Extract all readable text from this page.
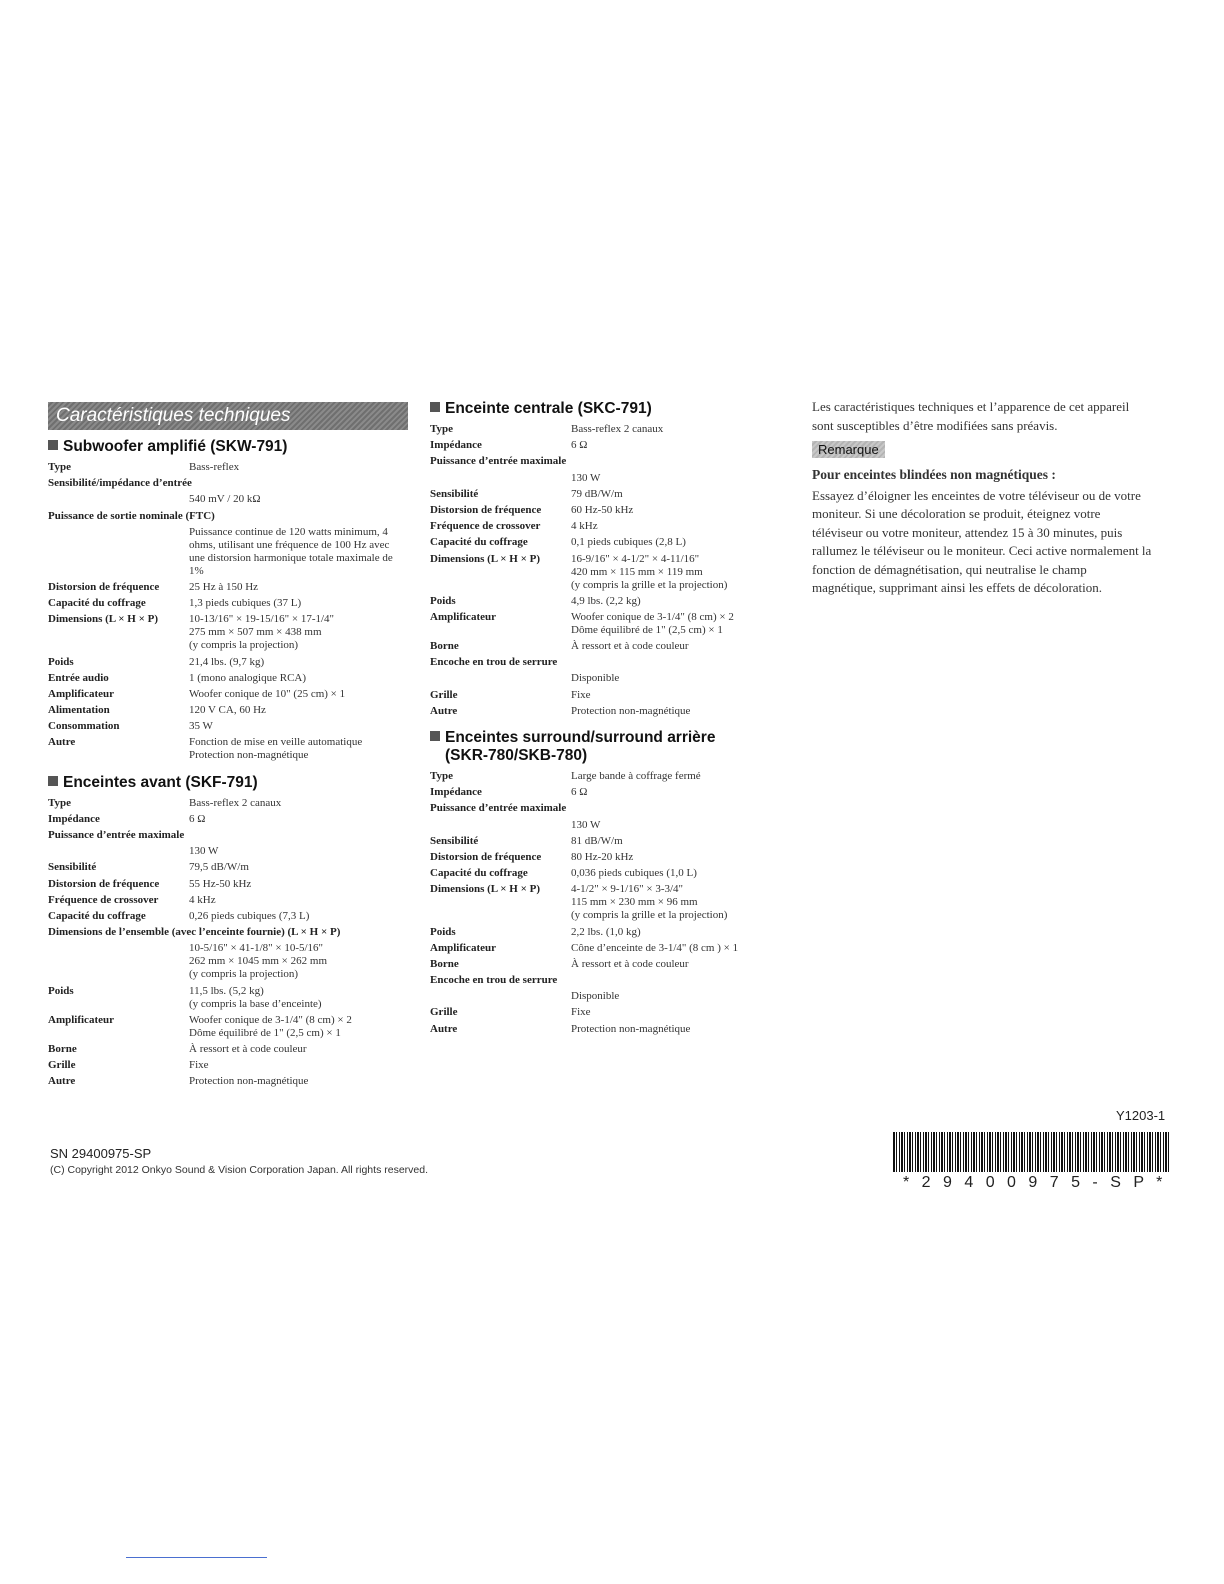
Caractéristiques techniques
Subwoofer amplifié (SKW-791)
Type	Bass-reflex
Sensibilité/impédance d’entrée
540 mV / 20 kΩ
Puissance de sortie nominale (FTC)
Puissance continue de 120 watts minimum, 4 ohms, utilisant une fréquence de 100 Hz avec une distorsion harmonique totale maximale de 1%
Distorsion de fréquence	25 Hz à 150 Hz
Capacité du coffrage	1,3 pieds cubiques (37 L)
Dimensions (L × H × P)	10-13/16" × 19-15/16" × 17-1/4"
275 mm × 507 mm × 438 mm
(y compris la projection)
Poids	21,4 lbs. (9,7 kg)
Entrée audio	1 (mono analogique RCA)
Amplificateur	Woofer conique de 10" (25 cm) × 1
Alimentation	120 V CA, 60 Hz
Consommation	35 W
Autre	Fonction de mise en veille automatique
Protection non-magnétique
Enceintes avant (SKF-791)
Type	Bass-reflex 2 canaux
Impédance	6 Ω
Puissance d’entrée maximale
130 W
Sensibilité	79,5 dB/W/m
Distorsion de fréquence	55 Hz-50 kHz
Fréquence de crossover	4 kHz
Capacité du coffrage	0,26 pieds cubiques (7,3 L)
Dimensions de l’ensemble (avec l’enceinte fournie) (L × H × P)
10-5/16" × 41-1/8" × 10-5/16"
262 mm × 1045 mm × 262 mm
(y compris la projection)
Poids	11,5 lbs. (5,2 kg)
(y compris la base d’enceinte)
Amplificateur	Woofer conique de 3-1/4" (8 cm) × 2
Dôme équilibré de 1" (2,5 cm) × 1
Borne	À ressort et à code couleur
Grille	Fixe
Autre	Protection non-magnétique
Enceinte centrale (SKC-791)
Type	Bass-reflex 2 canaux
Impédance	6 Ω
Puissance d’entrée maximale
130 W
Sensibilité	79 dB/W/m
Distorsion de fréquence	60 Hz-50 kHz
Fréquence de crossover	4 kHz
Capacité du coffrage	0,1 pieds cubiques (2,8 L)
Dimensions (L × H × P)	16-9/16" × 4-1/2" × 4-11/16"
420 mm × 115 mm × 119 mm
(y compris la grille et la projection)
Poids	4,9 lbs. (2,2 kg)
Amplificateur	Woofer conique de 3-1/4" (8 cm) × 2
Dôme équilibré de 1" (2,5 cm) × 1
Borne	À ressort et à code couleur
Encoche en trou de serrure
Disponible
Grille	Fixe
Autre	Protection non-magnétique
Enceintes surround/surround arrière
(SKR-780/SKB-780)
Type	Large bande à coffrage fermé
Impédance	6 Ω
Puissance d’entrée maximale
130 W
Sensibilité	81 dB/W/m
Distorsion de fréquence	80 Hz-20 kHz
Capacité du coffrage	0,036 pieds cubiques (1,0 L)
Dimensions (L × H × P)	4-1/2" × 9-1/16" × 3-3/4"
115 mm × 230 mm × 96 mm
(y compris la grille et la projection)
Poids	2,2 lbs. (1,0 kg)
Amplificateur	Cône d’enceinte de 3-1/4" (8 cm ) × 1
Borne	À ressort et à code couleur
Encoche en trou de serrure
Disponible
Grille	Fixe
Autre	Protection non-magnétique
Les caractéristiques techniques et l’apparence de cet appareil sont susceptibles d’être modifiées sans préavis.
Remarque
Pour enceintes blindées non magnétiques :
Essayez d’éloigner les enceintes de votre téléviseur ou de votre moniteur. Si une décoloration se produit, éteignez votre téléviseur ou votre moniteur, attendez 15 à 30 minutes, puis rallumez le téléviseur ou le moniteur. Ceci active normalement la fonction de démagnétisation, qui neutralise le champ magnétique, supprimant ainsi les effets de décoloration.
SN 29400975-SP
(C) Copyright 2012 Onkyo Sound & Vision Corporation Japan. All rights reserved.
Y1203-1
* 2 9 4 0 0 9 7 5 - S P *
